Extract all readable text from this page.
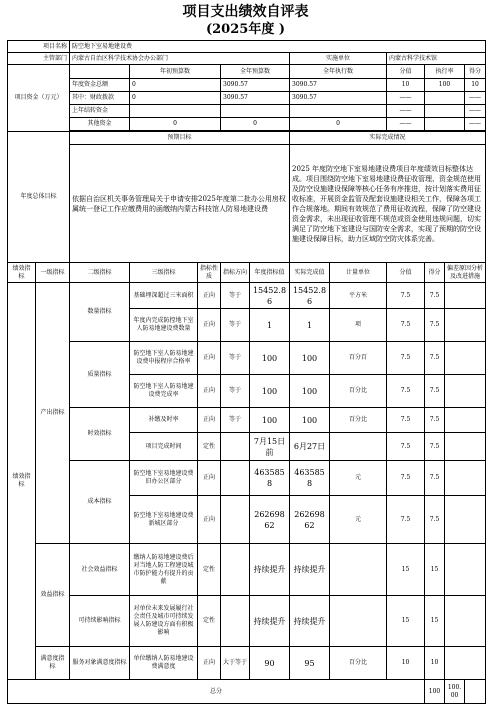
项目支出绩效自评表
(2025年度 )
项目名称		防空地下室易地建设费										
主管部门		内蒙古自治区科学技术协会办公部门					实施单位		内蒙古科学技术馆			
项目资金（万元）			年初预算数		全年预算数		全年执行数		分值	执行率		得分
		年度资金总额	0		3090.57		3090.57		10	100		10
		其中：财政拨款	0		3090.57		3090.57		——			——
		上年结转资金							——			——
		其他资金	0		0		0		——			——

年度总体目标		预期目标					实际完成情况					
		依据自治区机关事务管理局关于申请安排2025年度第二批办公用房权属统一登记工作应缴费用的函缴纳内蒙古科技馆人防易地建设费					2025 年度防空地下室易地建设费项目年度绩效目标整体达成。项目围绕防空地下室易地建设费征收管理、资金规范使用及防空设施建设保障等核心任务有序推进，按计划落实费用征收标准，开展资金监管及配套设施建设相关工作，保障各项工作合规落地。期间有效规范了费用征收流程，保障了防空建设资金需求，未出现征收管理不规范或资金使用违规问题，切实满足了防空地下室建设与国防安全需求，实现了预期的防空设施建设保障目标，助力区域防空防灾体系完善。					
绩效指标	一级指标	二级指标	三级指标	指标性质	指标方向	年度指标值	实际完成值	计量单位	分值	得分	偏差原因分析及改进措施	
绩效指标	产出指标	数量指标	基础埋深超过三米面积	正向	等于	15452.86	15452.86	平方米	7.5	7.5		
			年度内完成防控地下室人防易地建设费数量	正向	等于	1	1	项	7.5	7.5		
		质量指标	防空地下室人防易地建设费申报程序合格率	正向	等于	100	100	百分百	7.5	7.5		
			防空地下室人防易地建设费完成率	正向	等于	100	100	百分比	7.5	7.5		
		时效指标	补缴及时率	正向	等于	100	100	百分比	7.5	7.5		
			项目完成时间	定性		7月15日前	6月27日		7.5	7.5		
		成本指标	防空地下室易地建设费旧办公区部分	正向		4635858	4635858	元	7.5	7.5		
			防空地下室易地建设费新城区部分	正向		26269862	26269862	元	7.5	7.5		
	效益指标	社会效益指标	缴纳人防易地建设费后对当地人防工程建设城市防护能力有提升的贡献	定性		持续提升	持续提升		15	15		
		可持续影响指标	对单位未来发展履行社会责任及城市可持续发展人防建设方面有积极影响	定性		持续提升	持续提升		15	15		
	满意度指标	服务对象满意度指标	单位缴纳人防易地建设费满意度	正向	大于等于	90	95	百分比	10	10		
总分										100	100.00	
